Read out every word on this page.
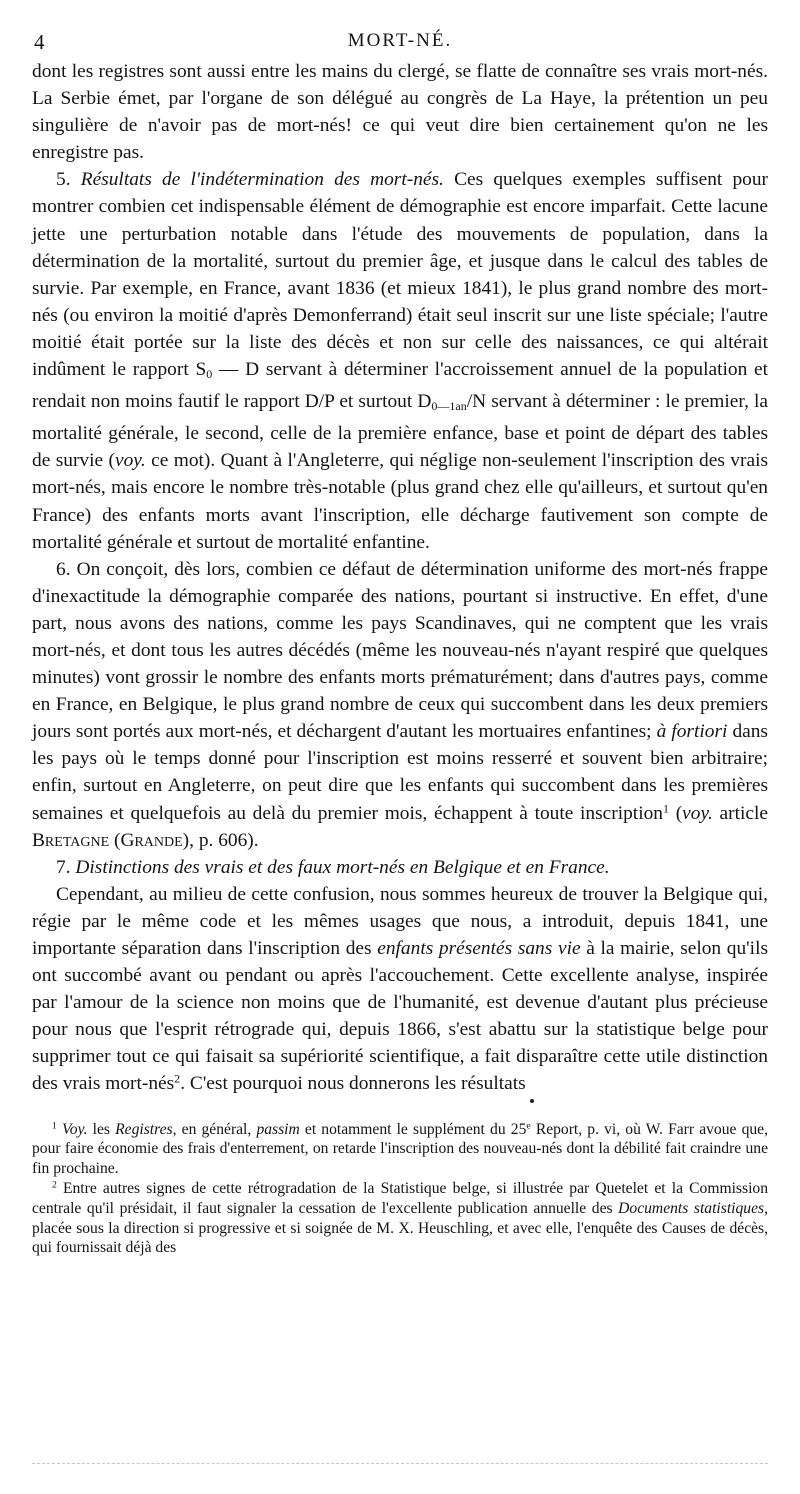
4	MORT-NÉ.

dont les registres sont aussi entre les mains du clergé, se flatte de connaître ses vrais mort-nés. La Serbie émet, par l'organe de son délégué au congrès de La Haye, la prétention un peu singulière de n'avoir pas de mort-nés! ce qui veut dire bien certainement qu'on ne les enregistre pas.

5. Résultats de l'indétermination des mort-nés. Ces quelques exemples suffisent pour montrer combien cet indispensable élément de démographie est encore imparfait. Cette lacune jette une perturbation notable dans l'étude des mouvements de population, dans la détermination de la mortalité, surtout du premier âge, et jusque dans le calcul des tables de survie. Par exemple, en France, avant 1836 (et mieux 1841), le plus grand nombre des mort-nés (ou environ la moitié d'après Demonferrand) était seul inscrit sur une liste spéciale; l'autre moitié était portée sur la liste des décès et non sur celle des naissances, ce qui altérait indûment le rapport $S_0$ — D servant à déterminer l'accroissement annuel de la population et rendait non moins fautif le rapport D/P et surtout $D_{0—1an}/N$ servant à déterminer : le premier, la mortalité générale, le second, celle de la première enfance, base et point de départ des tables de survie (voy. ce mot). Quant à l'Angleterre, qui néglige non-seulement l'inscription des vrais mort-nés, mais encore le nombre très-notable (plus grand chez elle qu'ailleurs, et surtout qu'en France) des enfants morts avant l'inscription, elle décharge fautivement son compte de mortalité générale et surtout de mortalité enfantine.

6. On conçoit, dès lors, combien ce défaut de détermination uniforme des mort-nés frappe d'inexactitude la démographie comparée des nations, pourtant si instructive. En effet, d'une part, nous avons des nations, comme les pays Scandinaves, qui ne comptent que les vrais mort-nés, et dont tous les autres décédés (même les nouveau-nés n'ayant respiré que quelques minutes) vont grossir le nombre des enfants morts prématurément; dans d'autres pays, comme en France, en Belgique, le plus grand nombre de ceux qui succombent dans les deux premiers jours sont portés aux mort-nés, et déchargent d'autant les mortuaires enfantines; à fortiori dans les pays où le temps donné pour l'inscription est moins resserré et souvent bien arbitraire; enfin, surtout en Angleterre, on peut dire que les enfants qui succombent dans les premières semaines et quelquefois au delà du premier mois, échappent à toute inscription$^1$ (voy. article Bretagne (Grande), p. 606).

7. Distinctions des vrais et des faux mort-nés en Belgique et en France.

Cependant, au milieu de cette confusion, nous sommes heureux de trouver la Belgique qui, régie par le même code et les mêmes usages que nous, a introduit, depuis 1841, une importante séparation dans l'inscription des enfants présentés sans vie à la mairie, selon qu'ils ont succombé avant ou pendant ou après l'accouchement. Cette excellente analyse, inspirée par l'amour de la science non moins que de l'humanité, est devenue d'autant plus précieuse pour nous que l'esprit rétrograde qui, depuis 1866, s'est abattu sur la statistique belge pour supprimer tout ce qui faisait sa supériorité scientifique, a fait disparaître cette utile distinction des vrais mort-nés$^2$. C'est pourquoi nous donnerons les résultats

$^1$ Voy. les Registres, en général, passim et notamment le supplément du 25e Report, p. vi, où W. Farr avoue que, pour faire économie des frais d'enterrement, on retarde l'inscription des nouveau-nés dont la débilité fait craindre une fin prochaine.

$^2$ Entre autres signes de cette rétrogradation de la Statistique belge, si illustrée par Quetelet et la Commission centrale qu'il présidait, il faut signaler la cessation de l'excellente publication annuelle des Documents statistiques, placée sous la direction si progressive et si soignée de M. X. Heuschling, et avec elle, l'enquête des Causes de décès, qui fournissait déjà des
